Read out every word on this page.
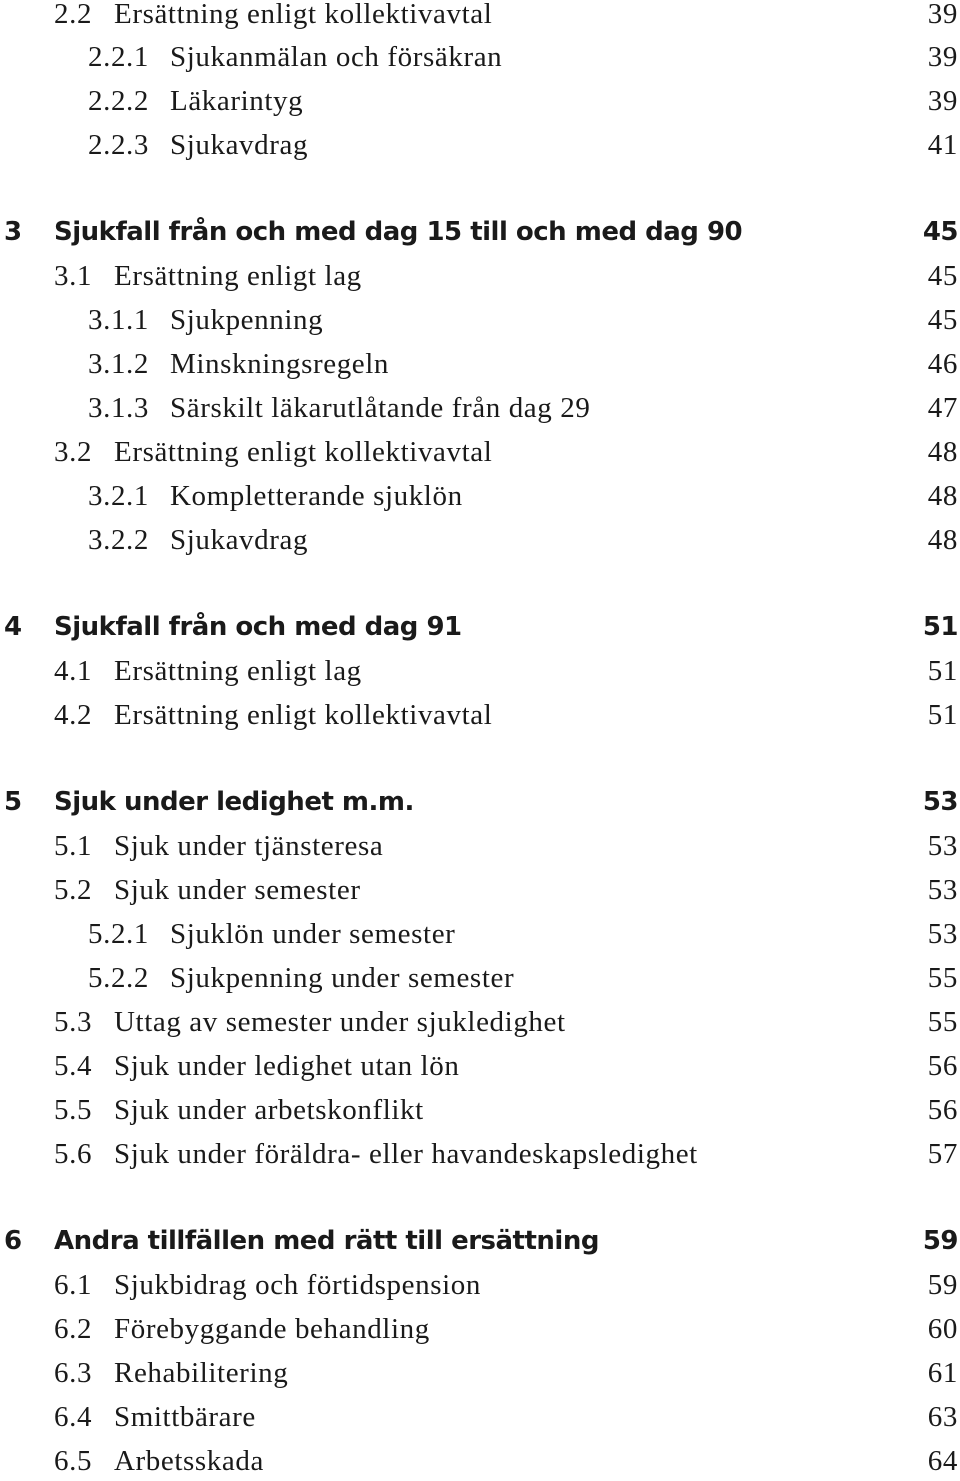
2.2 Ersättning enligt kollektivavtal	39
2.2.1 Sjukanmälan och försäkran	39
2.2.2 Läkarintyg	39
2.2.3 Sjukavdrag	41
3 Sjukfall från och med dag 15 till och med dag 90	45
3.1 Ersättning enligt lag	45
3.1.1 Sjukpenning	45
3.1.2 Minskningsregeln	46
3.1.3 Särskilt läkarutlåtande från dag 29	47
3.2 Ersättning enligt kollektivavtal	48
3.2.1 Kompletterande sjuklön	48
3.2.2 Sjukavdrag	48
4 Sjukfall från och med dag 91	51
4.1 Ersättning enligt lag	51
4.2 Ersättning enligt kollektivavtal	51
5 Sjuk under ledighet m.m.	53
5.1 Sjuk under tjänsteresa	53
5.2 Sjuk under semester	53
5.2.1 Sjuklön under semester	53
5.2.2 Sjukpenning under semester	55
5.3 Uttag av semester under sjukledighet	55
5.4 Sjuk under ledighet utan lön	56
5.5 Sjuk under arbetskonflikt	56
5.6 Sjuk under föräldra- eller havandeskapsledighet	57
6 Andra tillfällen med rätt till ersättning	59
6.1 Sjukbidrag och förtidspension	59
6.2 Förebyggande behandling	60
6.3 Rehabilitering	61
6.4 Smittbärare	63
6.5 Arbetsskada	64
